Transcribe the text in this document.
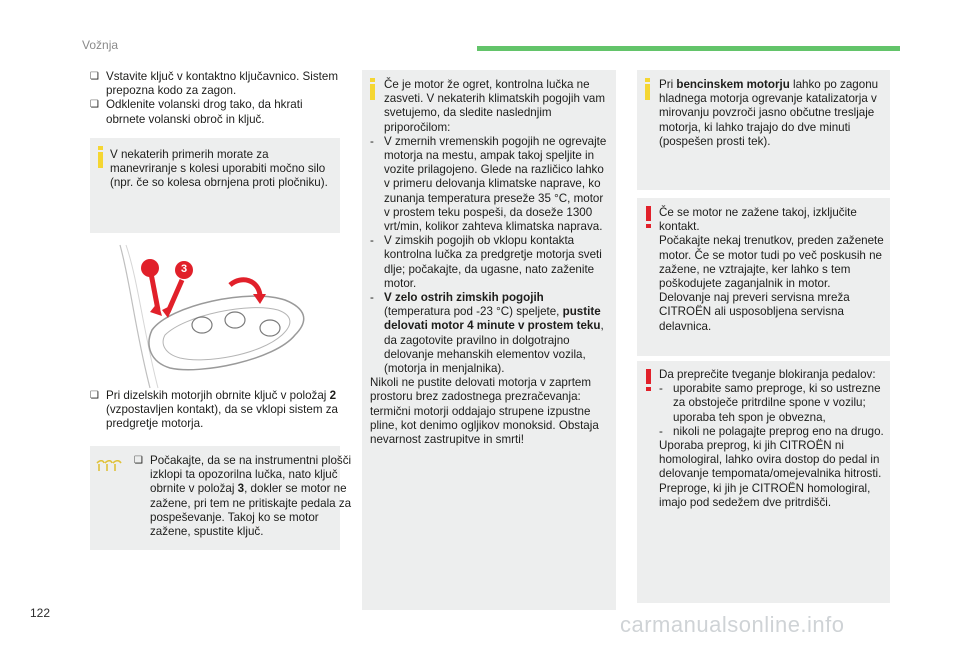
Vožnja
❏ Vstavite ključ v kontaktno ključavnico. Sistem prepozna kodo za zagon.
❏ Odklenite volanski drog tako, da hkrati obrnete volanski obroč in ključ.
V nekaterih primerih morate za manevriranje s kolesi uporabiti močno silo (npr. če so kolesa obrnjena proti pločniku).
2	3
❏ Pri dizelskih motorjih obrnite ključ v položaj 2 (vzpostavljen kontakt), da se vklopi sistem za predgretje motorja.
❏ Počakajte, da se na instrumentni plošči izklopi ta opozorilna lučka, nato ključ obrnite v položaj 3, dokler se motor ne zažene, pri tem ne pritiskajte pedala za pospeševanje. Takoj ko se motor zažene, spustite ključ.
Če je motor že ogret, kontrolna lučka ne zasveti. V nekaterih klimatskih pogojih vam svetujemo, da sledite naslednjim priporočilom:
- V zmernih vremenskih pogojih ne ogrevajte motorja na mestu, ampak takoj speljite in vozite prilagojeno. Glede na različico lahko v primeru delovanja klimatske naprave, ko zunanja temperatura preseže 35 °C, motor v prostem teku pospeši, da doseže 1300 vrt/min, kolikor zahteva klimatska naprava.
- V zimskih pogojih ob vklopu kontakta kontrolna lučka za predgretje motorja sveti dlje; počakajte, da ugasne, nato zaženite motor.
- V zelo ostrih zimskih pogojih (temperatura pod -23 °C) speljete, pustite delovati motor 4 minute v prostem teku, da zagotovite pravilno in dolgotrajno delovanje mehanskih elementov vozila, (motorja in menjalnika).
Nikoli ne pustite delovati motorja v zaprtem prostoru brez zadostnega prezračevanja: termični motorji oddajajo strupene izpustne pline, kot denimo ogljikov monoksid. Obstaja nevarnost zastrupitve in smrti!
Pri bencinskem motorju lahko po zagonu hladnega motorja ogrevanje katalizatorja v mirovanju povzroči jasno občutne tresljaje motorja, ki lahko trajajo do dve minuti (pospešen prosti tek).
Če se motor ne zažene takoj, izključite kontakt.
Počakajte nekaj trenutkov, preden zaženete motor. Če se motor tudi po več poskusih ne zažene, ne vztrajajte, ker lahko s tem poškodujete zaganjalnik in motor.
Delovanje naj preveri servisna mreža CITROËN ali usposobljena servisna delavnica.
Da preprečite tveganje blokiranja pedalov:
- uporabite samo preproge, ki so ustrezne za obstoječe pritrdilne spone v vozilu; uporaba teh spon je obvezna,
- nikoli ne polagajte preprog eno na drugo.
Uporaba preprog, ki jih CITROËN ni homologiral, lahko ovira dostop do pedal in delovanje tempomata/omejevalnika hitrosti.
Preproge, ki jih je CITROËN homologiral, imajo pod sedežem dve pritrdišči.
122	carmanualsonline.info
